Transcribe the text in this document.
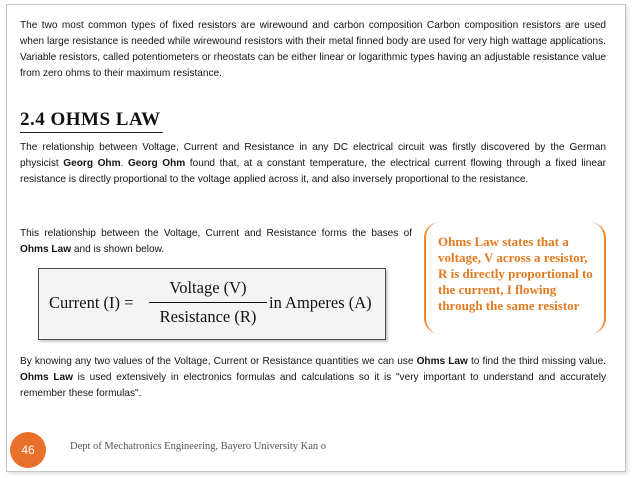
The two most common types of fixed resistors are wirewound and carbon composition Carbon composition resistors are used when large resistance is needed while wirewound resistors with their metal finned body are used for very high wattage applications. Variable resistors, called potentiometers or rheostats can be either linear or logarithmic types having an adjustable resistance value from zero ohms to their maximum resistance.

2.4 OHMS LAW

The relationship between Voltage, Current and Resistance in any DC electrical circuit was firstly discovered by the German physicist Georg Ohm. Georg Ohm found that, at a constant temperature, the electrical current flowing through a fixed linear resistance is directly proportional to the voltage applied across it, and also inversely proportional to the resistance.

This relationship between the Voltage, Current and Resistance forms the bases of Ohms Law and is shown below.

Current (I) =
Voltage (V)
Resistance (R)
in Amperes (A)
Ohms Law states that a voltage, V across a resistor, R is directly proportional to the current, I flowing through the same resistor

By knowing any two values of the Voltage, Current or Resistance quantities we can use Ohms Law to find the third missing value. Ohms Law is used extensively in electronics formulas and calculations so it is "very important to understand and accurately remember these formulas".

46	Dept of Mechatronics Engineering, Bayero University Kan o
